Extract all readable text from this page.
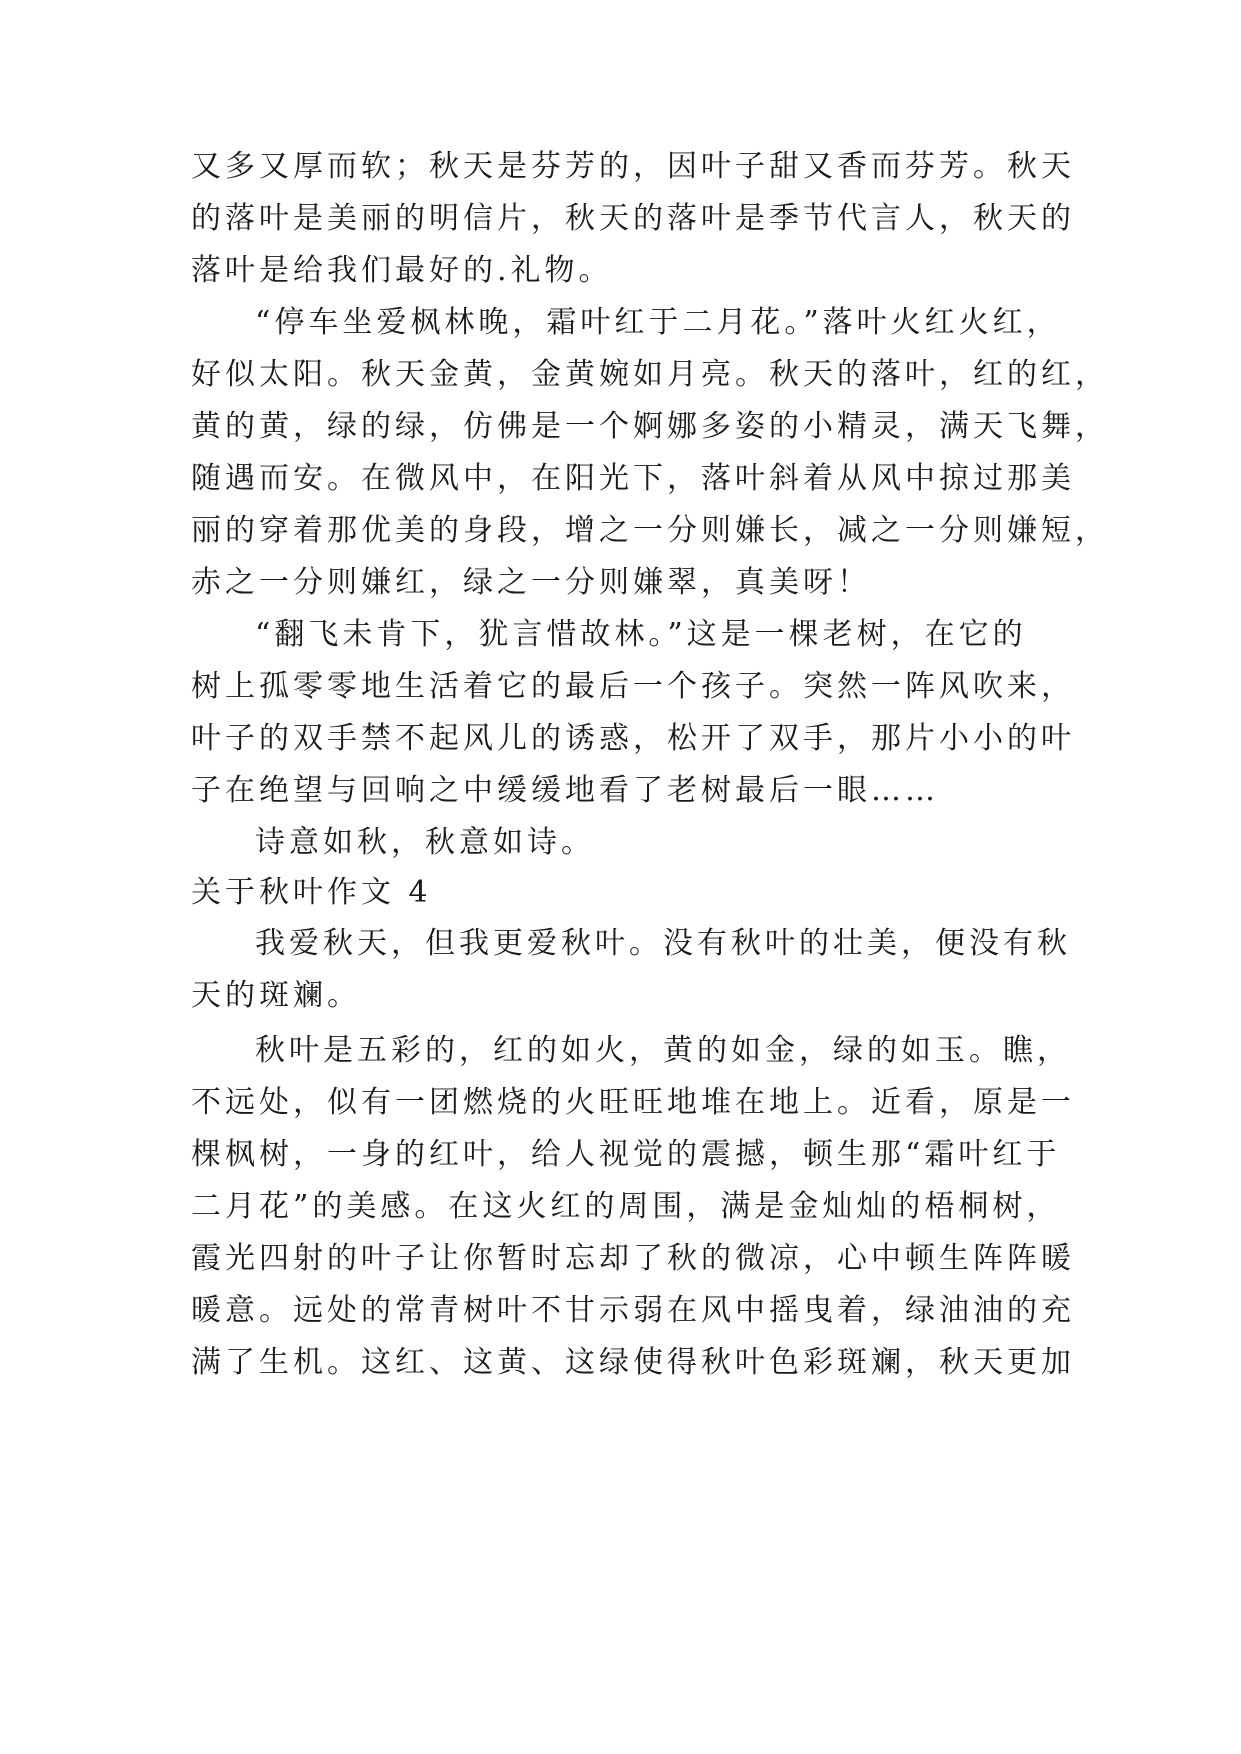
又多又厚而软；秋天是芬芳的，因叶子甜又香而芬芳。秋天
的落叶是美丽的明信片，秋天的落叶是季节代言人，秋天的
落叶是给我们最好的.礼物。
“停车坐爱枫林晚，霜叶红于二月花。”落叶火红火红，
好似太阳。秋天金黄，金黄婉如月亮。秋天的落叶，红的红，
黄的黄，绿的绿，仿佛是一个婀娜多姿的小精灵，满天飞舞，
随遇而安。在微风中，在阳光下，落叶斜着从风中掠过那美
丽的穿着那优美的身段，增之一分则嫌长，减之一分则嫌短，
赤之一分则嫌红，绿之一分则嫌翠，真美呀！
“翻飞未肯下，犹言惜故林。”这是一棵老树，在它的
树上孤零零地生活着它的最后一个孩子。突然一阵风吹来，
叶子的双手禁不起风儿的诱惑，松开了双手，那片小小的叶
子在绝望与回响之中缓缓地看了老树最后一眼……
诗意如秋，秋意如诗。
关于秋叶作文 4
我爱秋天，但我更爱秋叶。没有秋叶的壮美，便没有秋
天的斑斓。
秋叶是五彩的，红的如火，黄的如金，绿的如玉。瞧，
不远处，似有一团燃烧的火旺旺地堆在地上。近看，原是一
棵枫树，一身的红叶，给人视觉的震撼，顿生那“霜叶红于
二月花”的美感。在这火红的周围，满是金灿灿的梧桐树，
霞光四射的叶子让你暂时忘却了秋的微凉，心中顿生阵阵暖
暖意。远处的常青树叶不甘示弱在风中摇曳着，绿油油的充
满了生机。这红、这黄、这绿使得秋叶色彩斑斓，秋天更加
